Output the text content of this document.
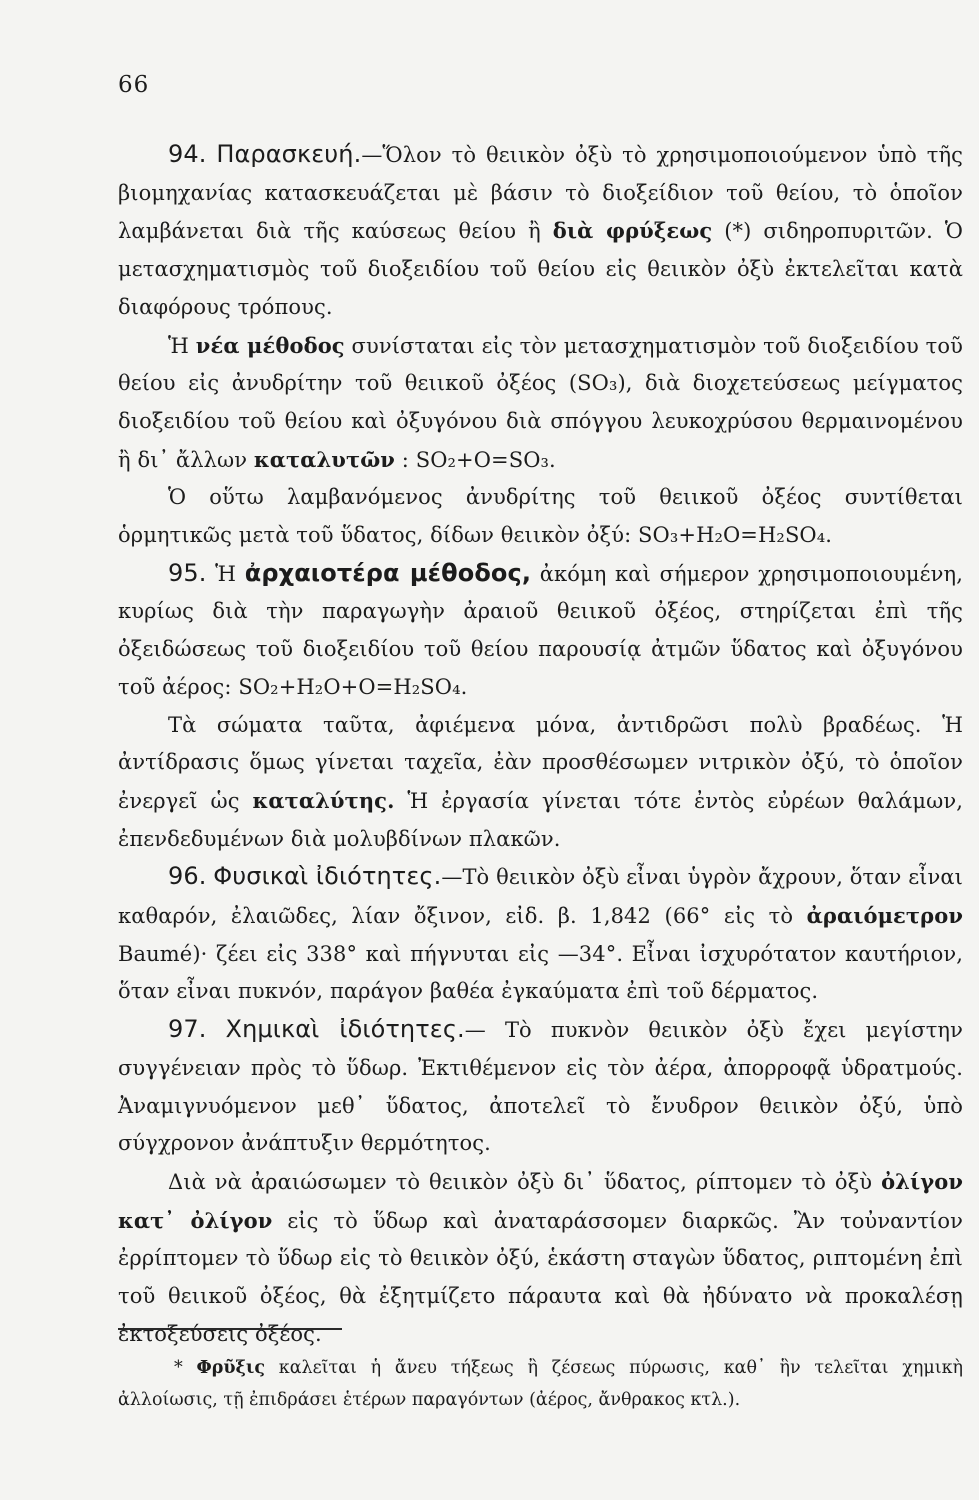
66

94. Παρασκευή.—Ὅλον τὸ θειικὸν ὀξὺ τὸ χρησιμοποιούμενον ὑπὸ τῆς βιομηχανίας κατασκευάζεται μὲ βάσιν τὸ διοξείδιον τοῦ θείου, τὸ ὁποῖον λαμβάνεται διὰ τῆς καύσεως θείου ἢ διὰ φρύξεως (*) σιδηροπυριτῶν. Ὁ μετασχηματισμὸς τοῦ διοξειδίου τοῦ θείου εἰς θειικὸν ὀξὺ ἐκτελεῖται κατὰ διαφόρους τρόπους.

Ἡ νέα μέθοδος συνίσταται εἰς τὸν μετασχηματισμὸν τοῦ διοξειδίου τοῦ θείου εἰς ἀνυδρίτην τοῦ θειικοῦ ὀξέος (SO₃), διὰ διοχετεύσεως μείγματος διοξειδίου τοῦ θείου καὶ ὀξυγόνου διὰ σπόγγου λευκοχρύσου θερμαινομένου ἢ δι᾿ ἄλλων καταλυτῶν : SO₂+O=SO₃.

Ὁ οὕτω λαμβανόμενος ἀνυδρίτης τοῦ θειικοῦ ὀξέος συντίθεται ὁρμητικῶς μετὰ τοῦ ὕδατος, δίδων θειικὸν ὀξύ: SO₃+H₂O=H₂SO₄.

95. Ἡ ἀρχαιοτέρα μέθοδος, ἀκόμη καὶ σήμερον χρησιμοποιουμένη, κυρίως διὰ τὴν παραγωγὴν ἀραιοῦ θειικοῦ ὀξέος, στηρίζεται ἐπὶ τῆς ὀξειδώσεως τοῦ διοξειδίου τοῦ θείου παρουσίᾳ ἀτμῶν ὕδατος καὶ ὀξυγόνου τοῦ ἀέρος: SO₂+H₂O+O=H₂SO₄.

Τὰ σώματα ταῦτα, ἀφιέμενα μόνα, ἀντιδρῶσι πολὺ βραδέως. Ἡ ἀντίδρασις ὅμως γίνεται ταχεῖα, ἐὰν προσθέσωμεν νιτρικὸν ὀξύ, τὸ ὁποῖον ἐνεργεῖ ὡς καταλύτης. Ἡ ἐργασία γίνεται τότε ἐντὸς εὐρέων θαλάμων, ἐπενδεδυμένων διὰ μολυβδίνων πλακῶν.

96. Φυσικαὶ ἰδιότητες.—Τὸ θειικὸν ὀξὺ εἶναι ὑγρὸν ἄχρουν, ὅταν εἶναι καθαρόν, ἐλαιῶδες, λίαν ὄξινον, εἰδ. β. 1,842 (66° εἰς τὸ ἀραιόμετρον Baumé)· ζέει εἰς 338° καὶ πήγνυται εἰς —34°. Εἶναι ἰσχυρότατον καυτήριον, ὅταν εἶναι πυκνόν, παράγον βαθέα ἐγκαύματα ἐπὶ τοῦ δέρματος.

97. Χημικαὶ ἰδιότητες.— Τὸ πυκνὸν θειικὸν ὀξὺ ἔχει μεγίστην συγγένειαν πρὸς τὸ ὕδωρ. Ἐκτιθέμενον εἰς τὸν ἀέρα, ἀπορροφᾷ ὑδρατμούς. Ἀναμιγνυόμενον μεθ᾿ ὕδατος, ἀποτελεῖ τὸ ἔνυδρον θειικὸν ὀξύ, ὑπὸ σύγχρονον ἀνάπτυξιν θερμότητος.

Διὰ νὰ ἀραιώσωμεν τὸ θειικὸν ὀξὺ δι᾿ ὕδατος, ρίπτομεν τὸ ὀξὺ ὀλίγον κατ᾿ ὀλίγον εἰς τὸ ὕδωρ καὶ ἀναταράσσομεν διαρκῶς. Ἂν τοὐναντίον ἐρρίπτομεν τὸ ὕδωρ εἰς τὸ θειικὸν ὀξύ, ἑκάστη σταγὼν ὕδατος, ριπτομένη ἐπὶ τοῦ θειικοῦ ὀξέος, θὰ ἐξητμίζετο πάραυτα καὶ θὰ ἠδύνατο νὰ προκαλέσῃ ἐκτοξεύσεις ὀξέος.

* Φρῦξις καλεῖται ἡ ἄνευ τήξεως ἢ ζέσεως πύρωσις, καθ᾿ ἣν τελεῖται χημικὴ ἀλλοίωσις, τῇ ἐπιδράσει ἑτέρων παραγόντων (ἀέρος, ἄνθρακος κτλ.).
